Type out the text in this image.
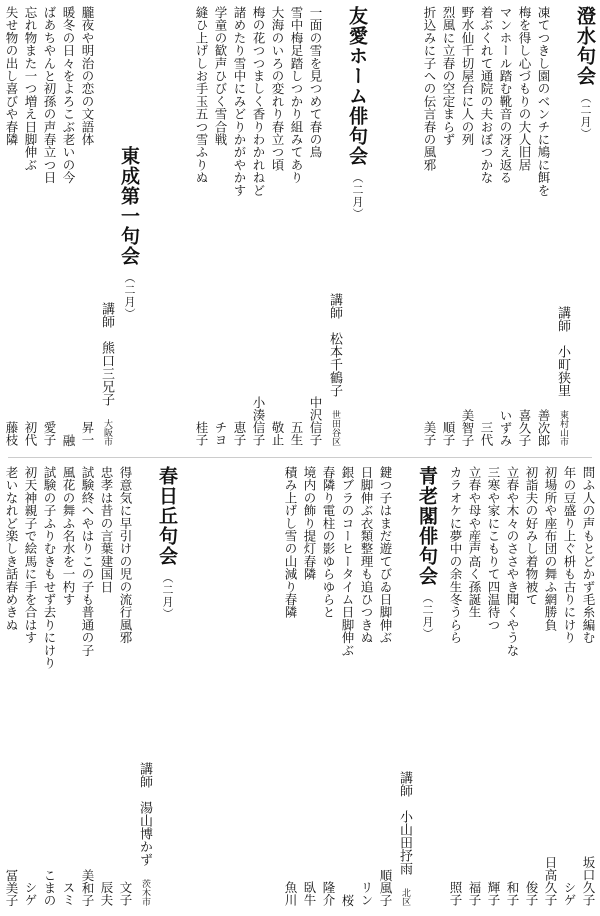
澄水句会
（二月）
講師　小町狭里　
東村山市
凍てつきし園のベンチに鳩に餌を
善次郎
梅を得し心づもりの大人旧居
喜久子
マンホール踏む靴音の冴え返る
いずみ
着ぶくれて通院の夫おぼつかな
三代
野水仙千切屋台に人の列
美智子
烈風に立春の空定まらず
順子
折込みに子への伝言春の風邪
美子
友愛ホーム俳句会
（二月）
講師　松本千鶴子　
世田谷区
一面の雪を見つめて春の鳥
中沢信子
雪中梅足踏しつかり組みてあり
五生
大海のいろの変れり春立つ頃
敬止
梅の花つつましく香りわかれねど
小湊信子
諸めたり雪中にみどりかがやかす
恵子
学童の歓声ひびく雪合戦
チヨ
縫ひ上げしお手玉五つ雪ふりぬ
桂子
東成第一句会
（二月）
講師　熊口三兄子　
大阪市
朧夜や明治の恋の文語体
昇一
暖冬の日々をよろこぶ老いの今
融
ばあちやんと初孫の声春立つ日
愛子
忘れ物また一つ増え日脚伸ぶ
初代
失せ物の出し喜びや春隣
藤枝
問ふ人の声もとどかず毛糸編む
坂口久子
年の豆盛り上ぐ枡も古りにけり
シゲ
初場所や座布団の舞ふ網勝負
日高久子
初詣夫の好みし着物被て
俊子
立春や木々のささやき聞くやうな
和子
三寒や家にこもりて四温待つ
輝子
立春や母や産声高く孫誕生
福子
カラオケに夢中の余生冬うらら
照子
青老閣俳句会
（二月）
講師　小山田抒雨　
北区
鍵つ子はまだ遊てびゐ日脚伸ぶ
順風子
日脚伸ぶ衣類整理も追ひつきぬ
リン
銀ブラのコーヒータイム日脚伸ぶ
桜
春隣り電柱の影ゆらゆらと
隆介
境内の飾り提灯春隣
臥牛
積み上げし雪の山減り春隣
魚川
春日丘句会
（二月）
講師　湯山博かず　
茨木市
得意気に早引けの児の流行風邪
文子
忠孝は昔の言葉建国日
辰夫
試験終へやはりこの子も普通の子
美和子
風花の舞ふ名水を一杓す
スミ
試験の子ふりむきもせず去りにけり
こまの
初天神親子で絵馬に手を合はす
シゲ
老いなれど楽しき話春めきぬ
冨美子
